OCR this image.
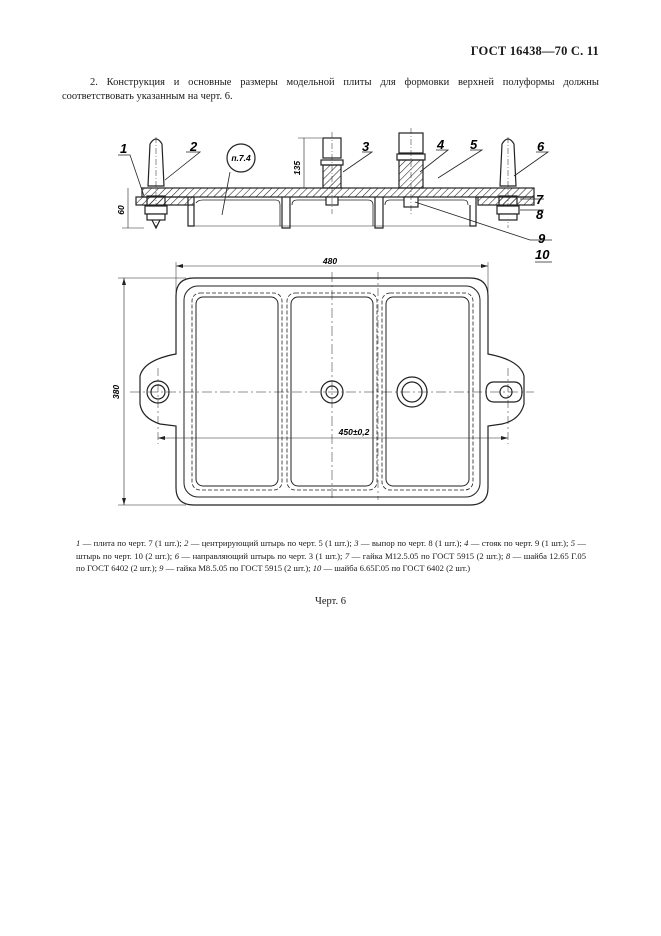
ГОСТ 16438—70 С. 11

2. Конструкция и основные размеры модельной плиты для формовки верхней полуформы должны соответствовать указанным на черт. 6.

п.7.4
1	2	3	4 5	6
7
8
9
10
135
60
480
380
450±0,2

1 — плита по черт. 7 (1 шт.); 2 — центрирующий штырь по черт. 5 (1 шт.); 3 — выпор по черт. 8 (1 шт.); 4 — стояк по черт. 9 (1 шт.); 5 — штырь по черт. 10 (2 шт.); 6 — направляющий штырь по черт. 3 (1 шт.); 7 — гайка М12.5.05 по ГОСТ 5915 (2 шт.); 8 — шайба 12.65 Г.05 по ГОСТ 6402 (2 шт.); 9 — гайка М8.5.05 по ГОСТ 5915 (2 шт.); 10 — шайба 6.65Г.05 по ГОСТ 6402 (2 шт.)

Черт. 6
